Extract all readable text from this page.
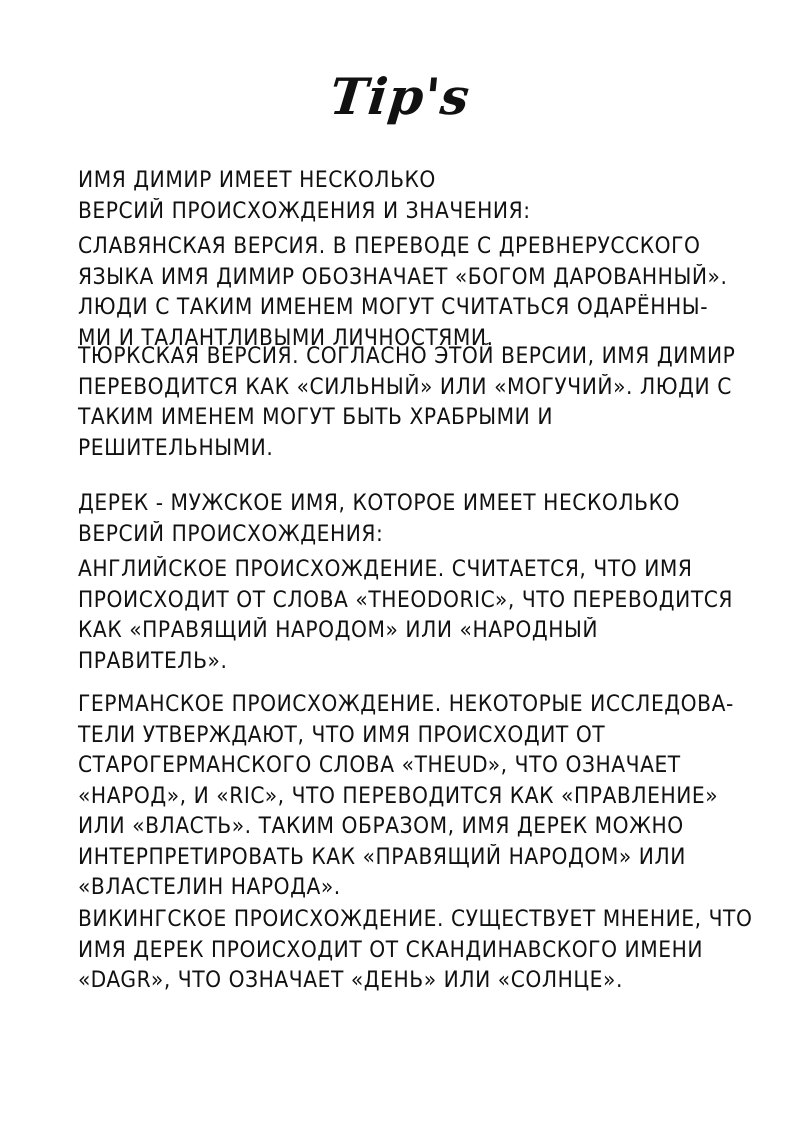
Tip's
ИМЯ ДИМИР ИМЕЕТ НЕСКОЛЬКО
ВЕРСИЙ ПРОИСХОЖДЕНИЯ И ЗНАЧЕНИЯ:
СЛАВЯНСКАЯ ВЕРСИЯ. В ПЕРЕВОДЕ С ДРЕВНЕРУССКОГО
ЯЗЫКА ИМЯ ДИМИР ОБОЗНАЧАЕТ «БОГОМ ДАРОВАННЫЙ».
ЛЮДИ С ТАКИМ ИМЕНЕМ МОГУТ СЧИТАТЬСЯ ОДАРЁННЫ-
МИ И ТАЛАНТЛИВЫМИ ЛИЧНОСТЯМИ.
ТЮРКСКАЯ ВЕРСИЯ. СОГЛАСНО ЭТОЙ ВЕРСИИ, ИМЯ ДИМИР
ПЕРЕВОДИТСЯ КАК «СИЛЬНЫЙ» ИЛИ «МОГУЧИЙ». ЛЮДИ С
ТАКИМ ИМЕНЕМ МОГУТ БЫТЬ ХРАБРЫМИ И
РЕШИТЕЛЬНЫМИ.
ДЕРЕК - МУЖСКОЕ ИМЯ, КОТОРОЕ ИМЕЕТ НЕСКОЛЬКО
ВЕРСИЙ ПРОИСХОЖДЕНИЯ:
АНГЛИЙСКОЕ ПРОИСХОЖДЕНИЕ. СЧИТАЕТСЯ, ЧТО ИМЯ
ПРОИСХОДИТ ОТ СЛОВА «THEODORIC», ЧТО ПЕРЕВОДИТСЯ
КАК «ПРАВЯЩИЙ НАРОДОМ» ИЛИ «НАРОДНЫЙ
ПРАВИТЕЛЬ».
ГЕРМАНСКОЕ ПРОИСХОЖДЕНИЕ. НЕКОТОРЫЕ ИССЛЕДОВА-
ТЕЛИ УТВЕРЖДАЮТ, ЧТО ИМЯ ПРОИСХОДИТ ОТ
СТАРОГЕРМАНСКОГО СЛОВА «THEUD», ЧТО ОЗНАЧАЕТ
«НАРОД», И «RIC», ЧТО ПЕРЕВОДИТСЯ КАК «ПРАВЛЕНИЕ»
ИЛИ «ВЛАСТЬ». ТАКИМ ОБРАЗОМ, ИМЯ ДЕРЕК МОЖНО
ИНТЕРПРЕТИРОВАТЬ КАК «ПРАВЯЩИЙ НАРОДОМ» ИЛИ
«ВЛАСТЕЛИН НАРОДА».
ВИКИНГСКОЕ ПРОИСХОЖДЕНИЕ. СУЩЕСТВУЕТ МНЕНИЕ, ЧТО
ИМЯ ДЕРЕК ПРОИСХОДИТ ОТ СКАНДИНАВСКОГО ИМЕНИ
«DAGR», ЧТО ОЗНАЧАЕТ «ДЕНЬ» ИЛИ «СОЛНЦЕ».
